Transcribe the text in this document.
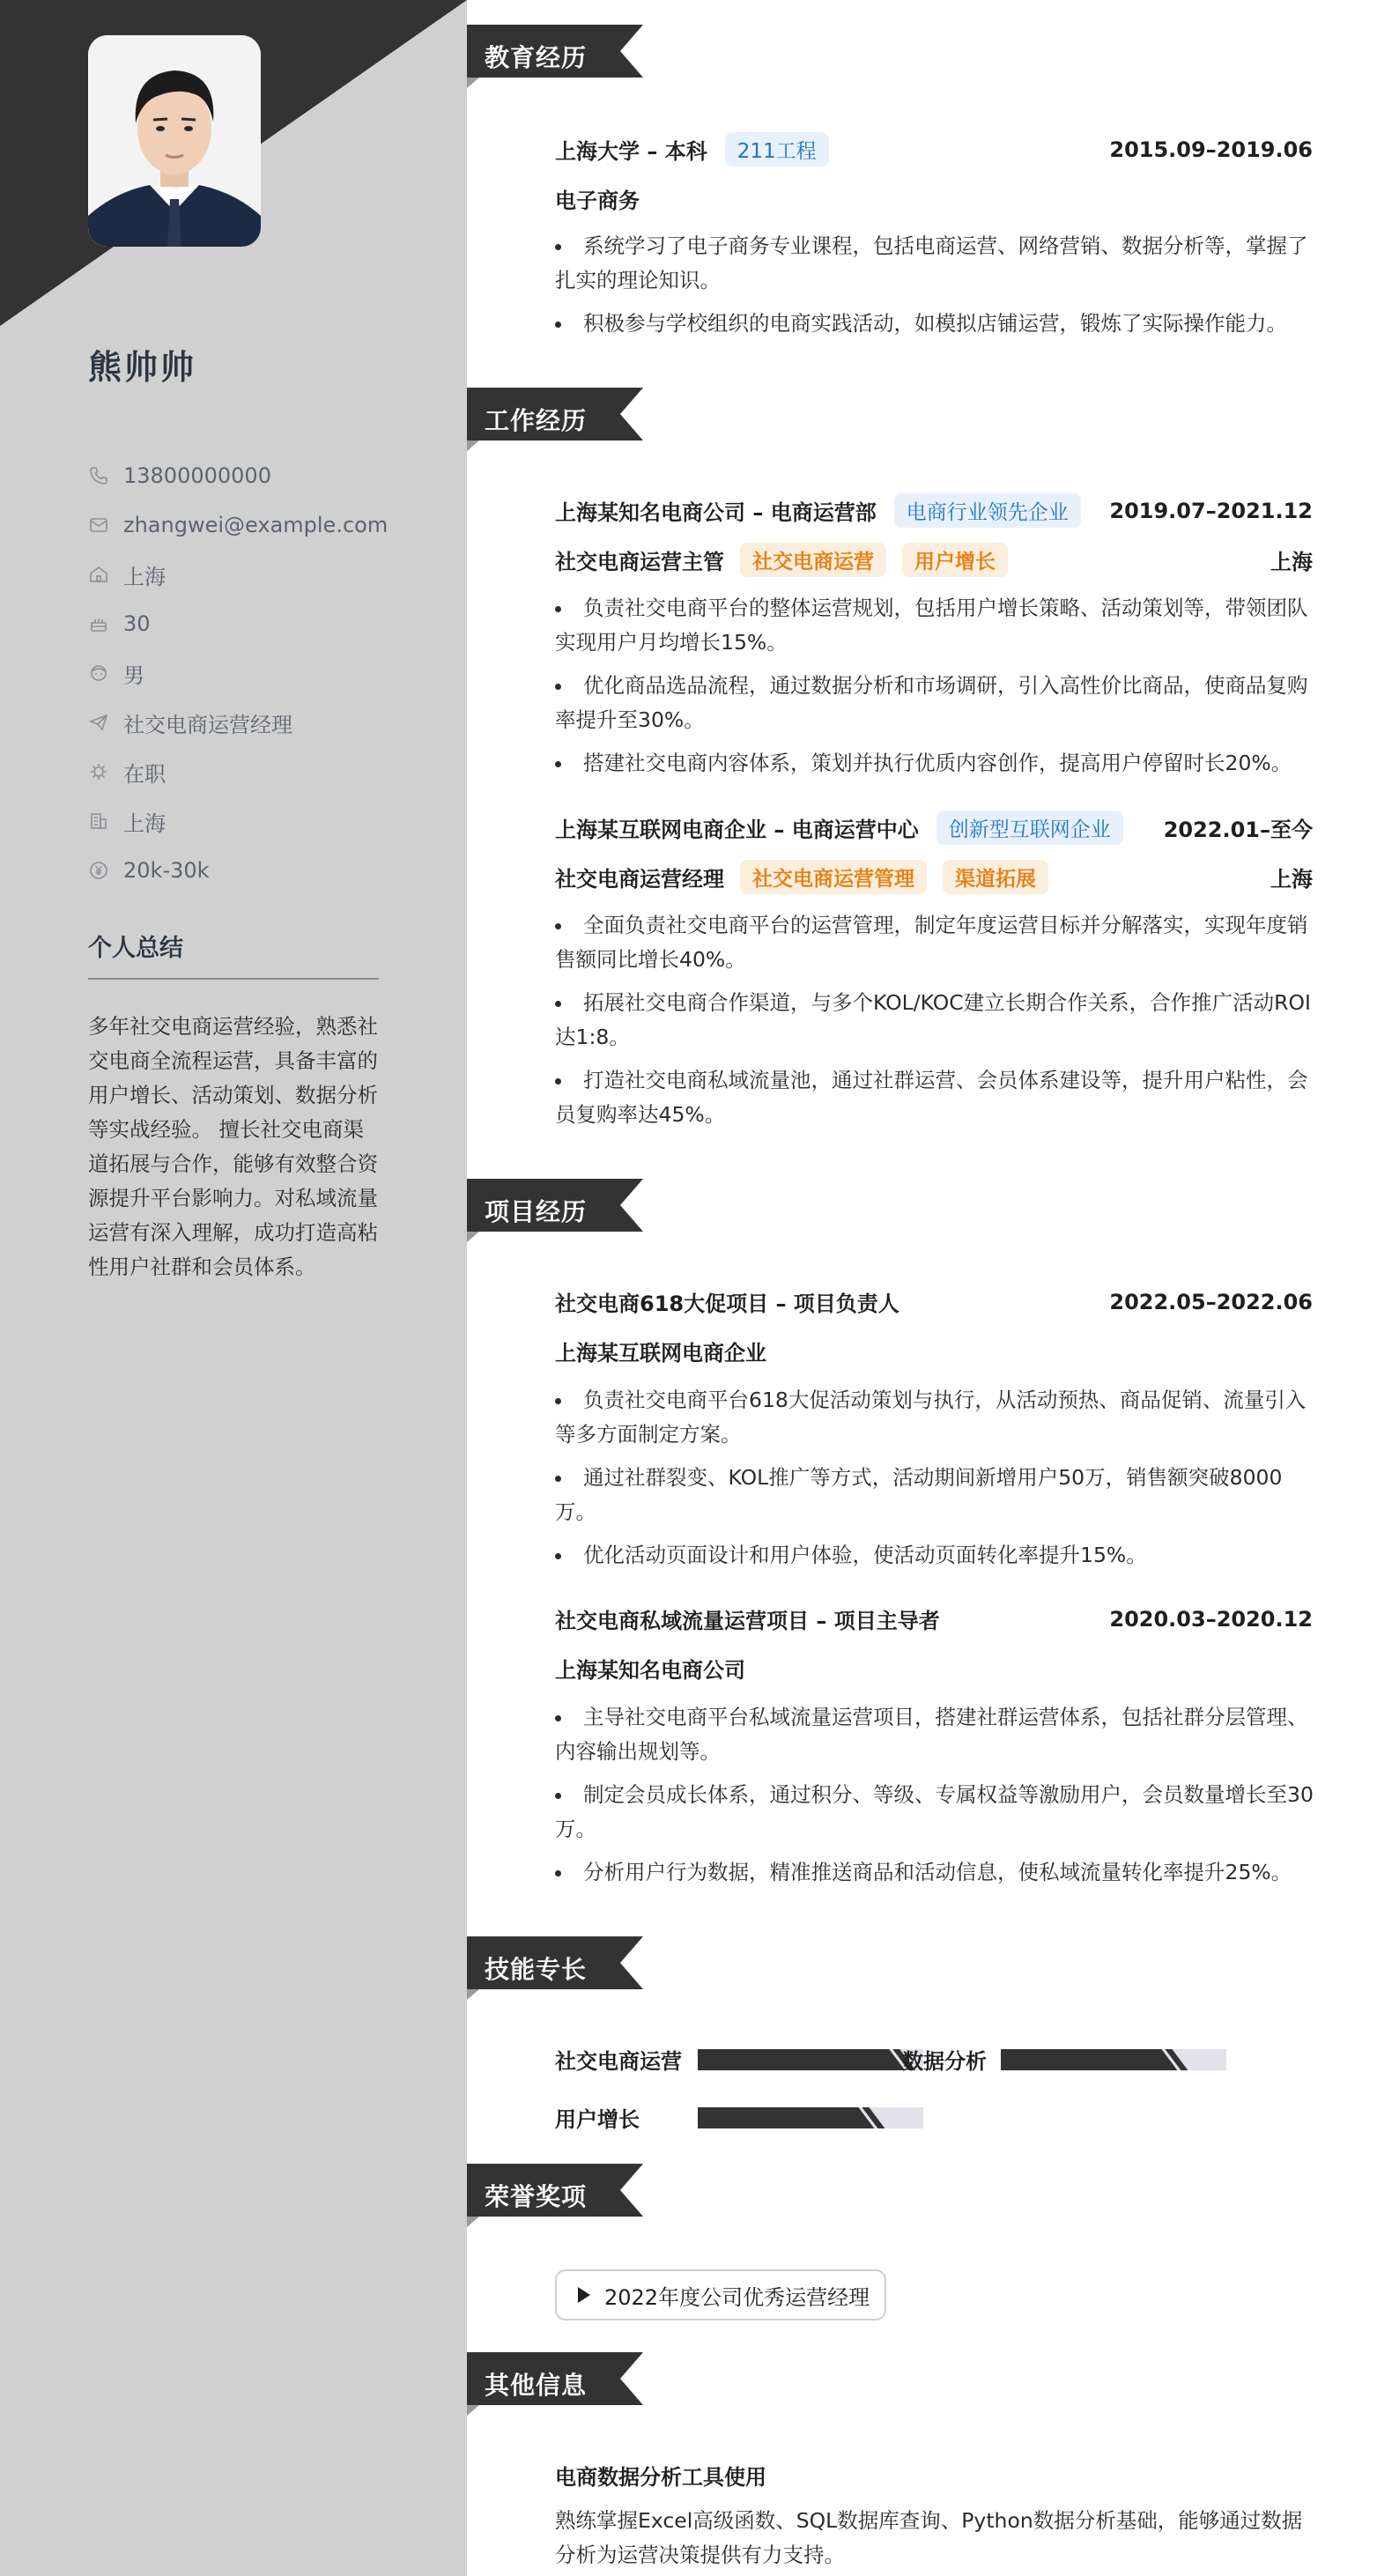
熊帅帅
13800000000
zhangwei@example.com
上海
30
男
社交电商运营经理
在职
上海
20k-30k
个人总结

多年社交电商运营经验，熟悉社交电商全流程运营，具备丰富的用户增长、活动策划、数据分析等实战经验。 擅长社交电商渠道拓展与合作，能够有效整合资源提升平台影响力。对私域流量运营有深入理解，成功打造高粘性用户社群和会员体系。

教育经历
上海大学 – 本科	211工程	2015.09–2019.06
电子商务
系统学习了电子商务专业课程，包括电商运营、网络营销、数据分析等，掌握了扎实的理论知识。
积极参与学校组织的电商实践活动，如模拟店铺运营，锻炼了实际操作能力。
工作经历
上海某知名电商公司 – 电商运营部	电商行业领先企业	2019.07–2021.12
社交电商运营主管	社交电商运营	用户增长	上海
负责社交电商平台的整体运营规划，包括用户增长策略、活动策划等，带领团队实现用户月均增长15%。
优化商品选品流程，通过数据分析和市场调研，引入高性价比商品，使商品复购率提升至30%。
搭建社交电商内容体系，策划并执行优质内容创作，提高用户停留时长20%。
上海某互联网电商企业 – 电商运营中心	创新型互联网企业	2022.01–至今
社交电商运营经理	社交电商运营管理	渠道拓展	上海
全面负责社交电商平台的运营管理，制定年度运营目标并分解落实，实现年度销售额同比增长40%。
拓展社交电商合作渠道，与多个KOL/KOC建立长期合作关系，合作推广活动ROI达1:8。
打造社交电商私域流量池，通过社群运营、会员体系建设等，提升用户粘性，会员复购率达45%。
项目经历
社交电商618大促项目 – 项目负责人	2022.05–2022.06
上海某互联网电商企业
负责社交电商平台618大促活动策划与执行，从活动预热、商品促销、流量引入等多方面制定方案。
通过社群裂变、KOL推广等方式，活动期间新增用户50万，销售额突破8000万。
优化活动页面设计和用户体验，使活动页面转化率提升15%。
社交电商私域流量运营项目 – 项目主导者	2020.03–2020.12
上海某知名电商公司
主导社交电商平台私域流量运营项目，搭建社群运营体系，包括社群分层管理、内容输出规划等。
制定会员成长体系，通过积分、等级、专属权益等激励用户，会员数量增长至30万。
分析用户行为数据，精准推送商品和活动信息，使私域流量转化率提升25%。
技能专长
社交电商运营	数据分析
用户增长
荣誉奖项
2022年度公司优秀运营经理
其他信息
电商数据分析工具使用

熟练掌握Excel高级函数、SQL数据库查询、Python数据分析基础，能够通过数据分析为运营决策提供有力支持。
